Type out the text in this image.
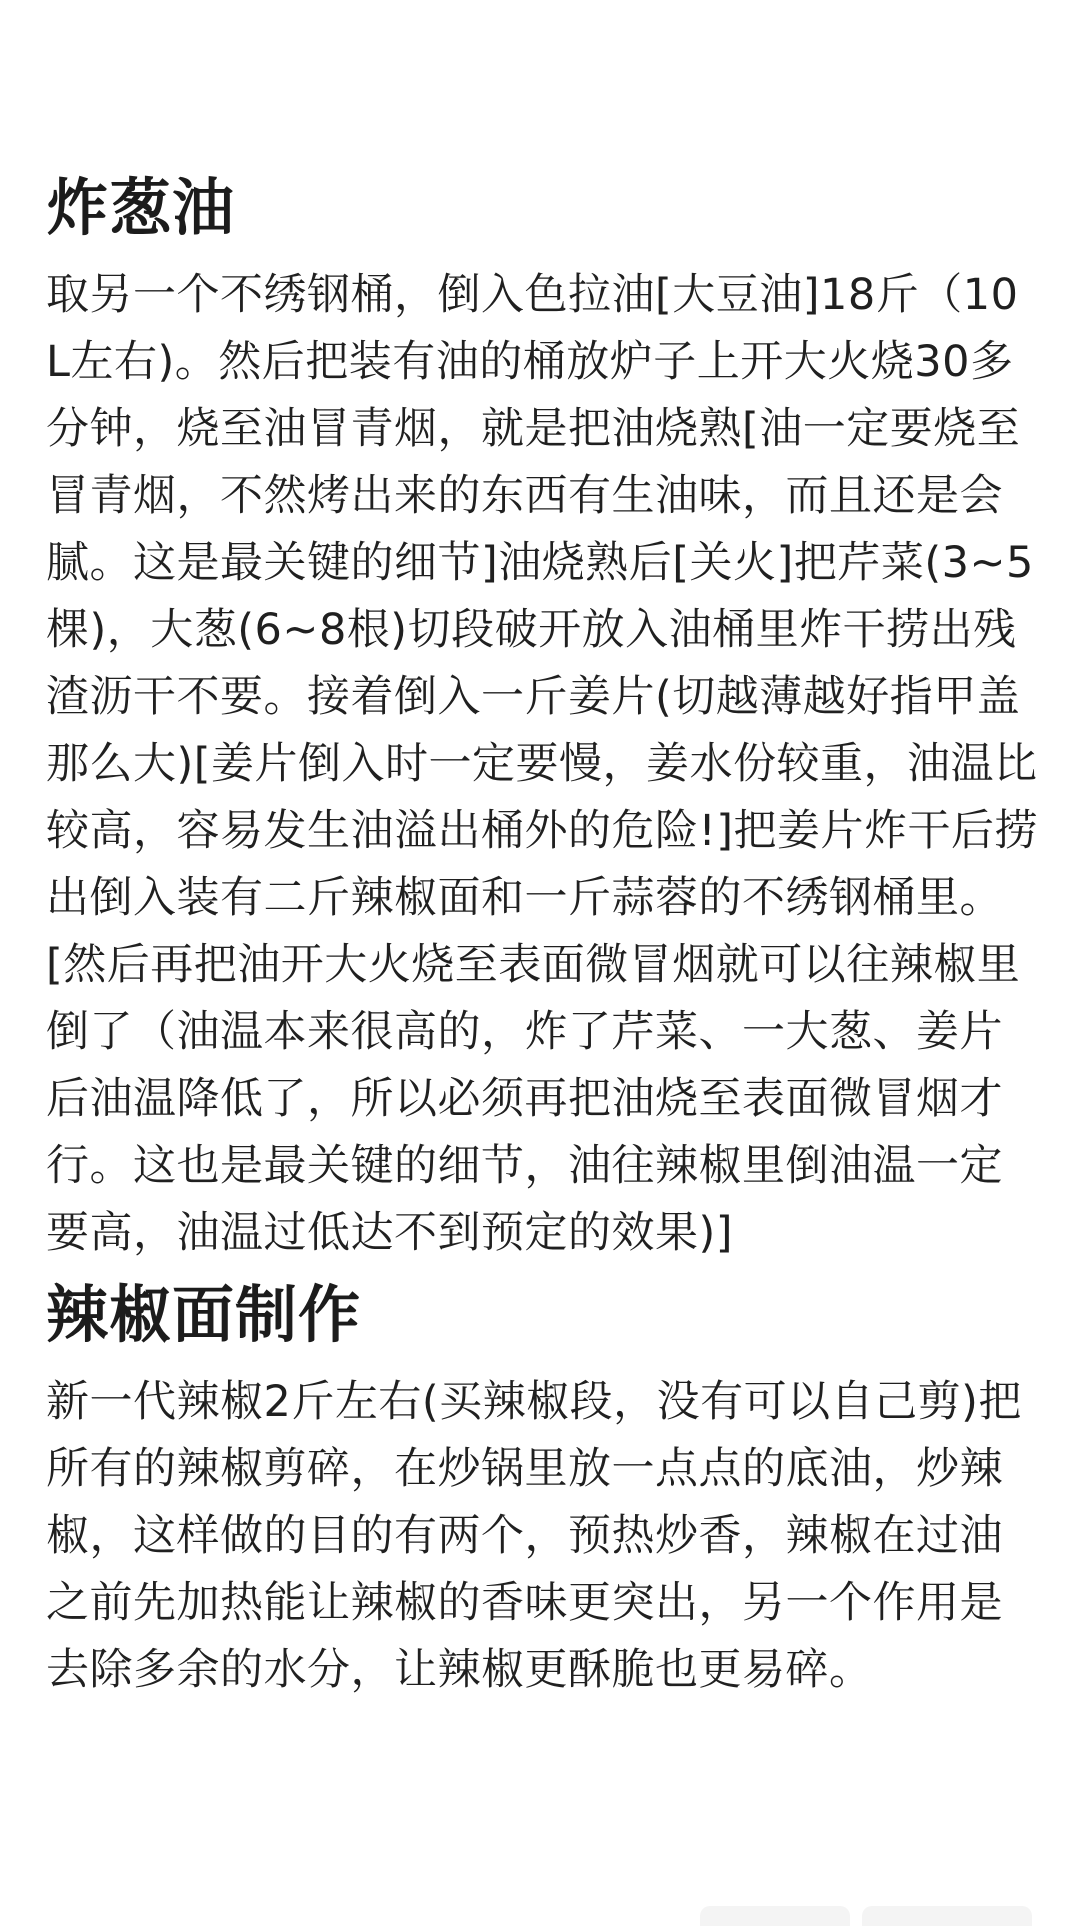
炸葱油

取另一个不绣钢桶，倒入色拉油[大豆油]18斤（10L左右)。然后把装有油的桶放炉子上开大火烧30多分钟，烧至油冒青烟，就是把油烧熟[油一定要烧至冒青烟，不然烤出来的东西有生油味，而且还是会腻。这是最关键的细节]油烧熟后[关火]把芹菜(3~5棵)，大葱(6~8根)切段破开放入油桶里炸干捞出残渣沥干不要。接着倒入一斤姜片(切越薄越好指甲盖那么大)[姜片倒入时一定要慢，姜水份较重，油温比较高，容易发生油溢出桶外的危险!]把姜片炸干后捞出倒入装有二斤辣椒面和一斤蒜蓉的不绣钢桶里。[然后再把油开大火烧至表面微冒烟就可以往辣椒里倒了（油温本来很高的，炸了芹菜、一大葱、姜片后油温降低了，所以必须再把油烧至表面微冒烟才行。这也是最关键的细节，油往辣椒里倒油温一定要高，油温过低达不到预定的效果)]

辣椒面制作

新一代辣椒2斤左右(买辣椒段，没有可以自己剪)把所有的辣椒剪碎，在炒锅里放一点点的底油，炒辣椒，这样做的目的有两个，预热炒香，辣椒在过油之前先加热能让辣椒的香味更突出，另一个作用是去除多余的水分，让辣椒更酥脆也更易碎。
